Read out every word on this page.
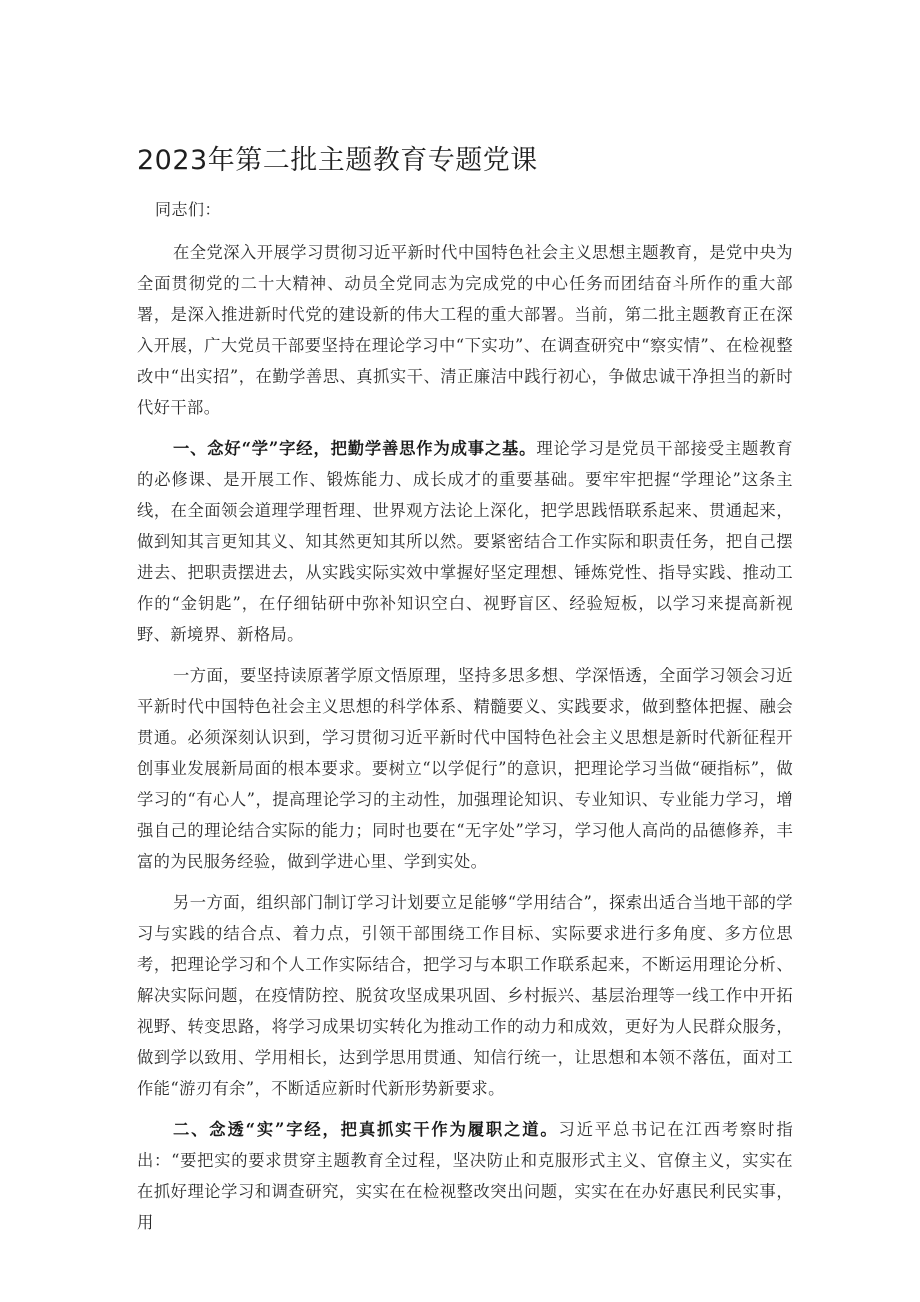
2023年第二批主题教育专题党课

同志们：

在全党深入开展学习贯彻习近平新时代中国特色社会主义思想主题教育，是党中央为全面贯彻党的二十大精神、动员全党同志为完成党的中心任务而团结奋斗所作的重大部署，是深入推进新时代党的建设新的伟大工程的重大部署。当前，第二批主题教育正在深入开展，广大党员干部要坚持在理论学习中“下实功”、在调查研究中“察实情”、在检视整改中“出实招”，在勤学善思、真抓实干、清正廉洁中践行初心，争做忠诚干净担当的新时代好干部。

一、念好“学”字经，把勤学善思作为成事之基。理论学习是党员干部接受主题教育的必修课、是开展工作、锻炼能力、成长成才的重要基础。要牢牢把握“学理论”这条主线，在全面领会道理学理哲理、世界观方法论上深化，把学思践悟联系起来、贯通起来，做到知其言更知其义、知其然更知其所以然。要紧密结合工作实际和职责任务，把自己摆进去、把职责摆进去，从实践实际实效中掌握好坚定理想、锤炼党性、指导实践、推动工作的“金钥匙”，在仔细钻研中弥补知识空白、视野盲区、经验短板，以学习来提高新视野、新境界、新格局。

一方面，要坚持读原著学原文悟原理，坚持多思多想、学深悟透，全面学习领会习近平新时代中国特色社会主义思想的科学体系、精髓要义、实践要求，做到整体把握、融会贯通。必须深刻认识到，学习贯彻习近平新时代中国特色社会主义思想是新时代新征程开创事业发展新局面的根本要求。要树立“以学促行”的意识，把理论学习当做“硬指标”，做学习的“有心人”，提高理论学习的主动性，加强理论知识、专业知识、专业能力学习，增强自己的理论结合实际的能力；同时也要在“无字处”学习，学习他人高尚的品德修养，丰富的为民服务经验，做到学进心里、学到实处。

另一方面，组织部门制订学习计划要立足能够“学用结合”，探索出适合当地干部的学习与实践的结合点、着力点，引领干部围绕工作目标、实际要求进行多角度、多方位思考，把理论学习和个人工作实际结合，把学习与本职工作联系起来，不断运用理论分析、解决实际问题，在疫情防控、脱贫攻坚成果巩固、乡村振兴、基层治理等一线工作中开拓视野、转变思路，将学习成果切实转化为推动工作的动力和成效，更好为人民群众服务，做到学以致用、学用相长，达到学思用贯通、知信行统一，让思想和本领不落伍，面对工作能“游刃有余”，不断适应新时代新形势新要求。

二、念透“实”字经，把真抓实干作为履职之道。习近平总书记在江西考察时指出：“要把实的要求贯穿主题教育全过程，坚决防止和克服形式主义、官僚主义，实实在在抓好理论学习和调查研究，实实在在检视整改突出问题，实实在在办好惠民利民实事，用
